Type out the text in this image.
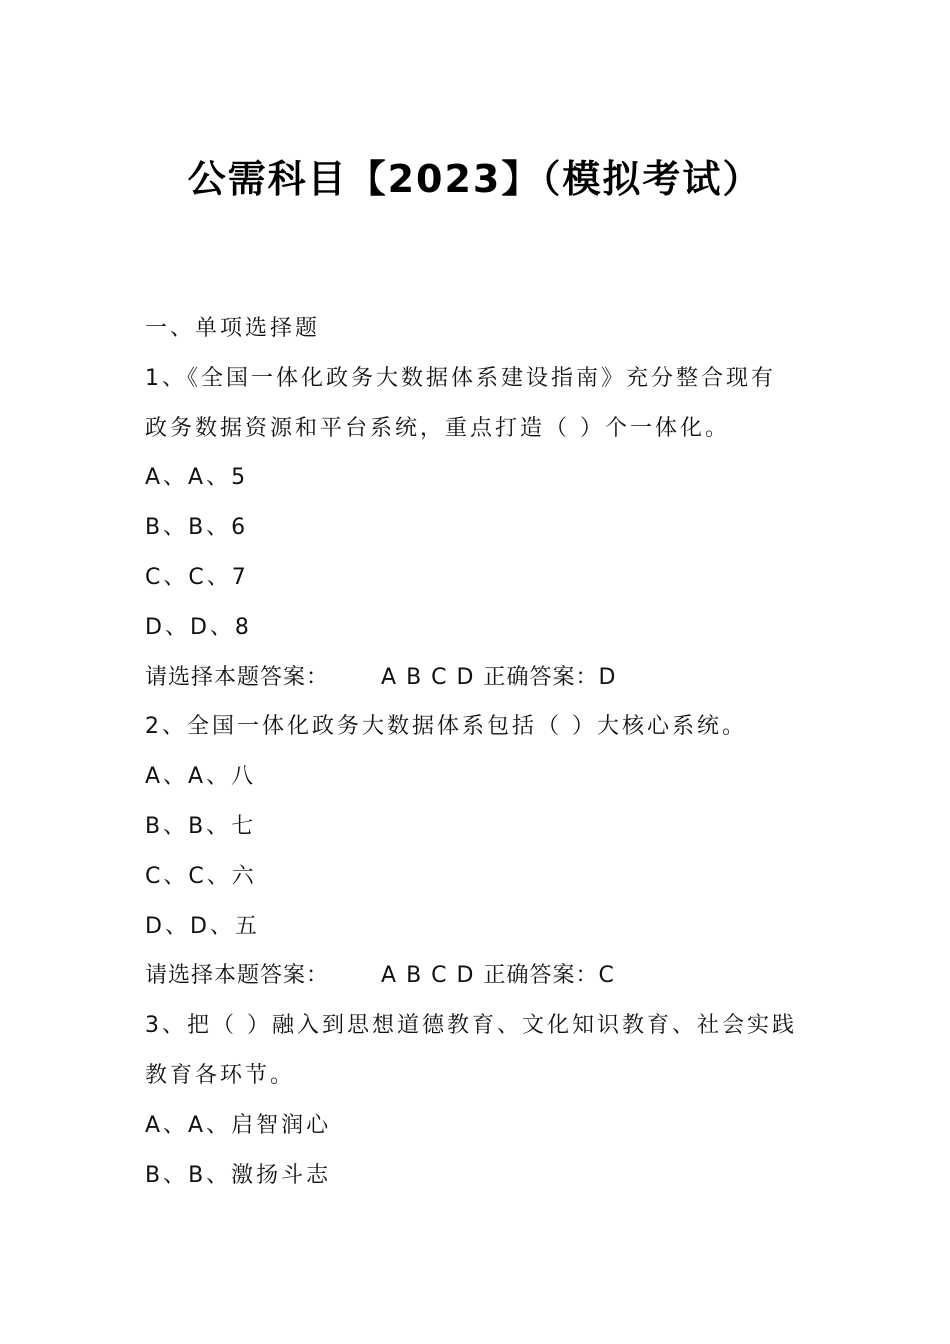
公需科目【2023】（模拟考试）
一、单项选择题
1、《全国一体化政务大数据体系建设指南》充分整合现有
政务数据资源和平台系统，重点打造（ ）个一体化。
A、A、5
B、B、6
C、C、7
D、D、8
请选择本题答案： A B C D 正确答案：D
2、全国一体化政务大数据体系包括（ ）大核心系统。
A、A、八
B、B、七
C、C、六
D、D、五
请选择本题答案： A B C D 正确答案：C
3、把（ ）融入到思想道德教育、文化知识教育、社会实践
教育各环节。
A、A、启智润心
B、B、激扬斗志
